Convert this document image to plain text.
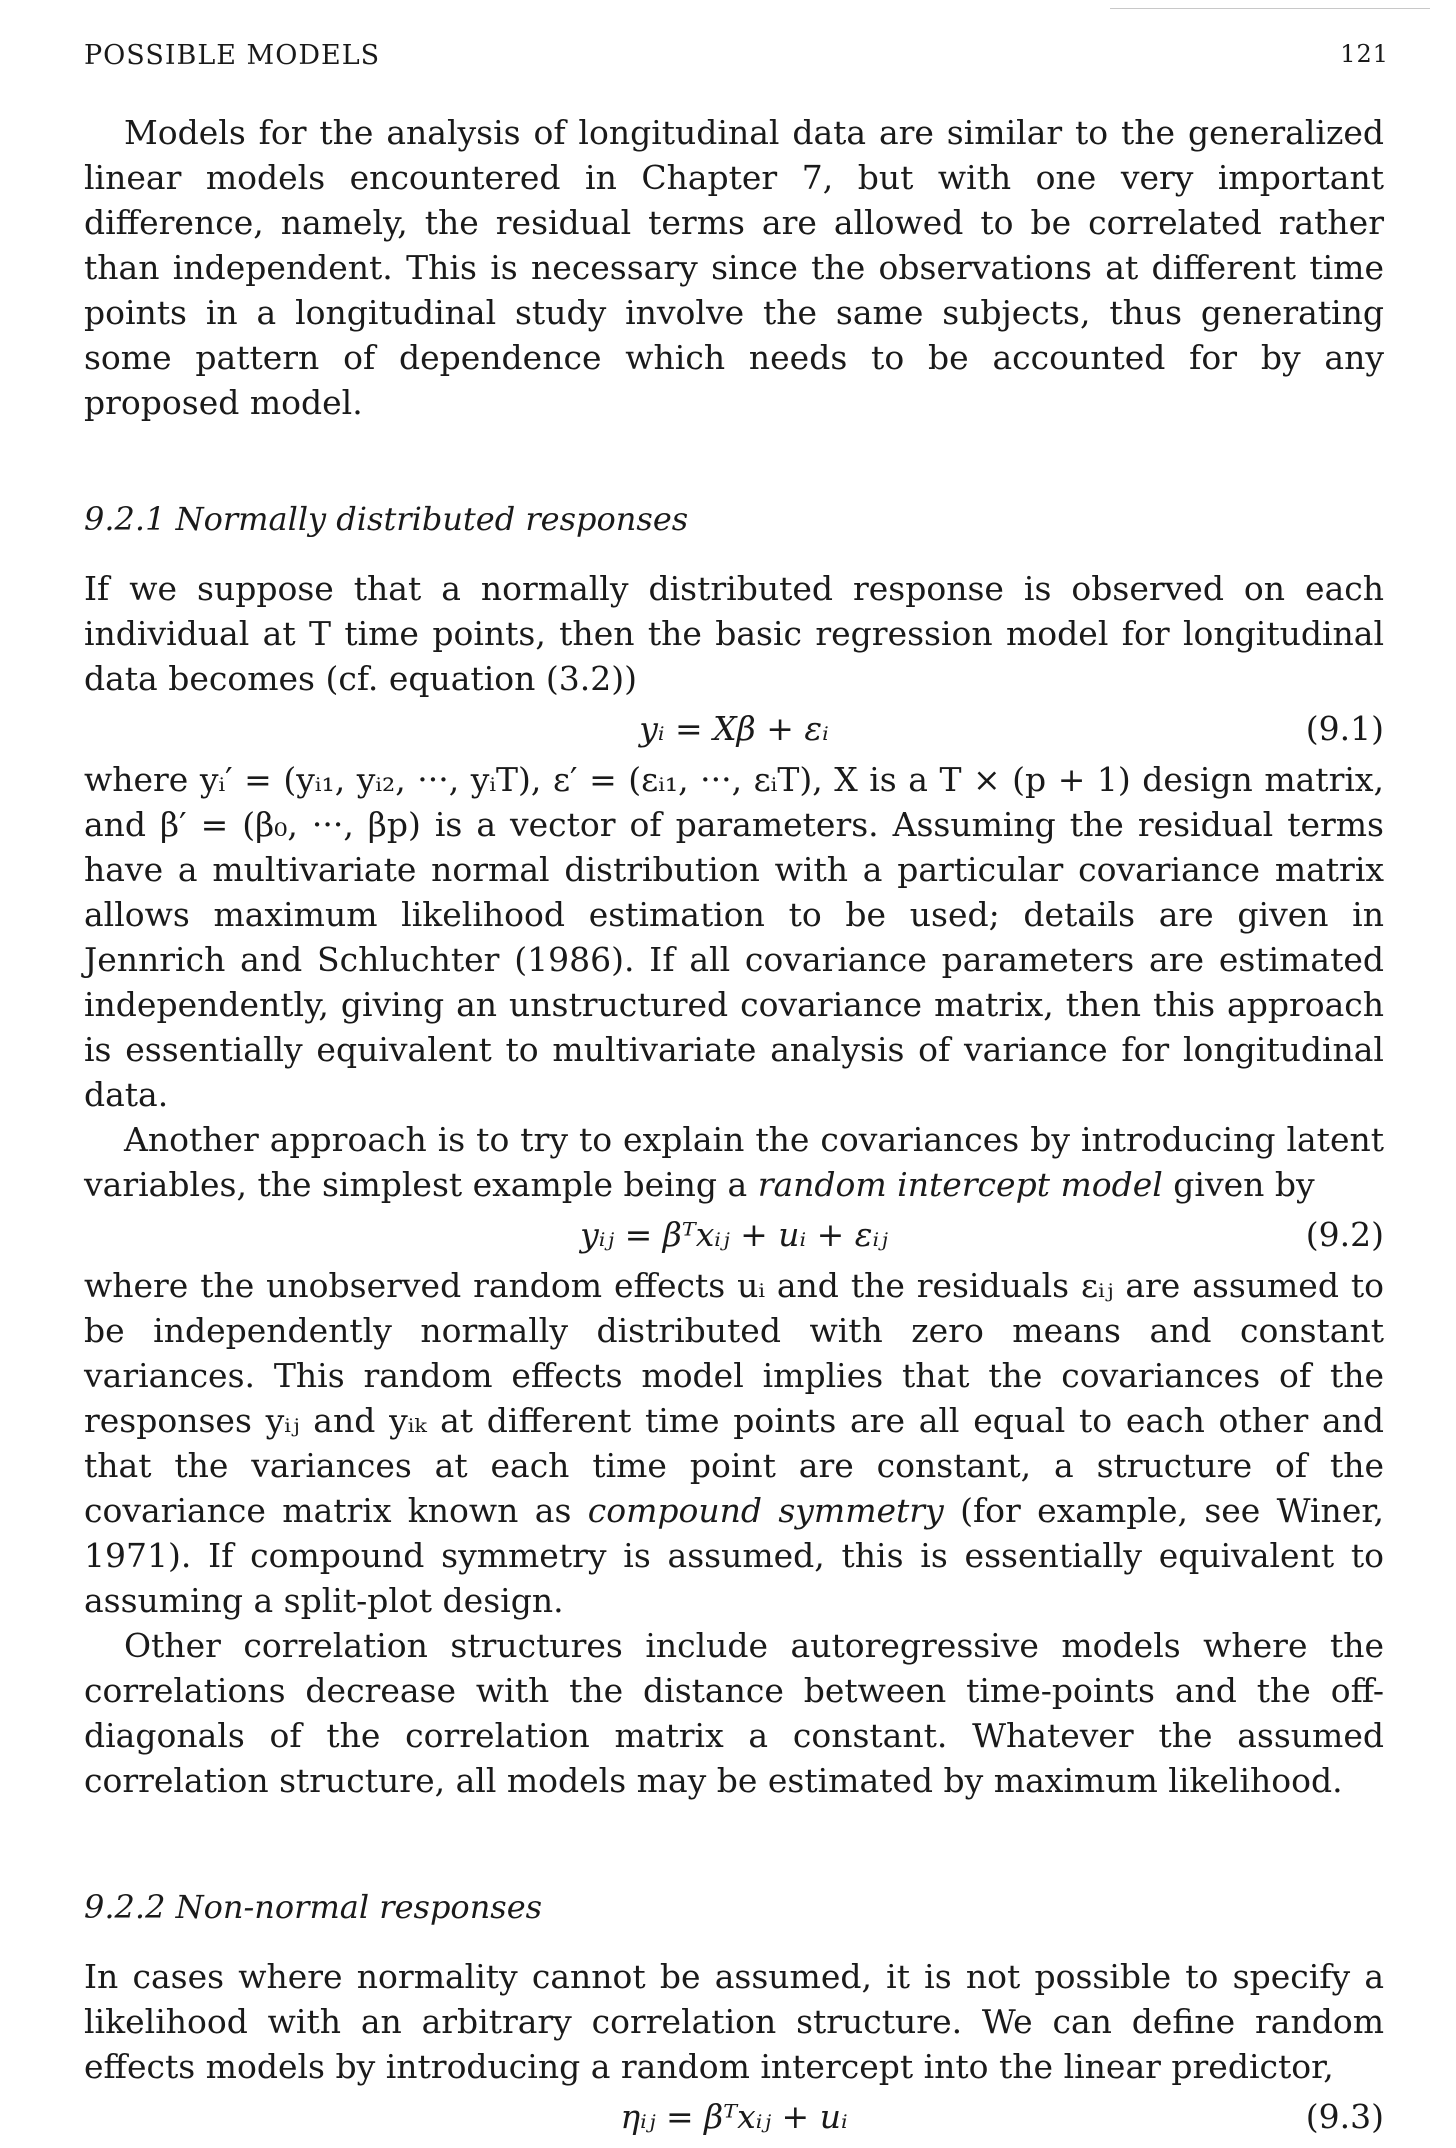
POSSIBLE MODELS	121

Models for the analysis of longitudinal data are similar to the generalized linear models encountered in Chapter 7, but with one very important difference, namely, the residual terms are allowed to be correlated rather than independent. This is necessary since the observations at different time points in a longitudinal study involve the same subjects, thus generating some pattern of dependence which needs to be accounted for by any proposed model.

9.2.1 Normally distributed responses

If we suppose that a normally distributed response is observed on each individual at T time points, then the basic regression model for longitudinal data becomes (cf. equation (3.2))

yᵢ = Xβ + εᵢ	(9.1)

where yᵢ′ = (yᵢ₁, yᵢ₂, ···, yᵢT), ε′ = (εᵢ₁, ···, εᵢT), X is a T × (p + 1) design matrix, and β′ = (β₀, ···, βp) is a vector of parameters. Assuming the residual terms have a multivariate normal distribution with a particular covariance matrix allows maximum likelihood estimation to be used; details are given in Jennrich and Schluchter (1986). If all covariance parameters are estimated independently, giving an unstructured covariance matrix, then this approach is essentially equivalent to multivariate analysis of variance for longitudinal data.

Another approach is to try to explain the covariances by introducing latent variables, the simplest example being a random intercept model given by

yᵢⱼ = βᵀxᵢⱼ + uᵢ + εᵢⱼ	(9.2)

where the unobserved random effects uᵢ and the residuals εᵢⱼ are assumed to be independently normally distributed with zero means and constant variances. This random effects model implies that the covariances of the responses yᵢⱼ and yᵢₖ at different time points are all equal to each other and that the variances at each time point are constant, a structure of the covariance matrix known as compound symmetry (for example, see Winer, 1971). If compound symmetry is assumed, this is essentially equivalent to assuming a split-plot design.

Other correlation structures include autoregressive models where the correlations decrease with the distance between time-points and the off-diagonals of the correlation matrix a constant. Whatever the assumed correlation structure, all models may be estimated by maximum likelihood.

9.2.2 Non-normal responses

In cases where normality cannot be assumed, it is not possible to specify a likelihood with an arbitrary correlation structure. We can define random effects models by introducing a random intercept into the linear predictor,

ηᵢⱼ = βᵀxᵢⱼ + uᵢ	(9.3)
